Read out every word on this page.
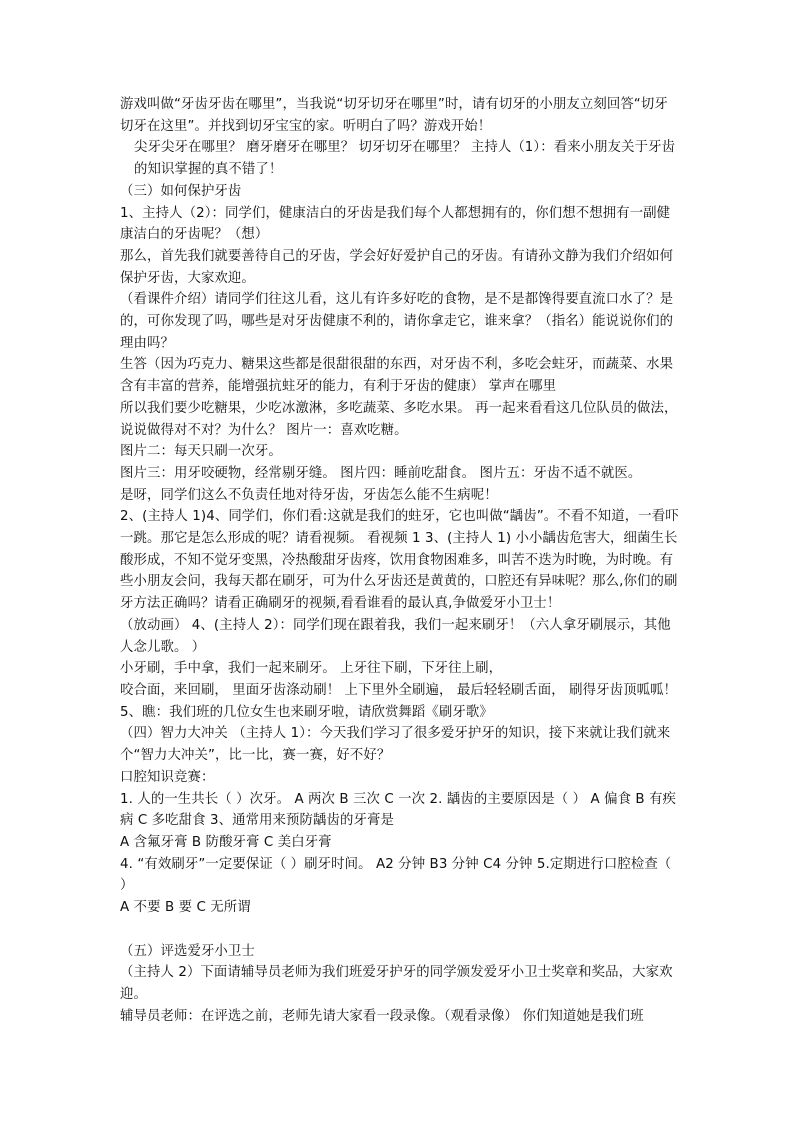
游戏叫做“牙齿牙齿在哪里”，当我说“切牙切牙在哪里”时，请有切牙的小朋友立刻回答“切牙切牙在这里”。并找到切牙宝宝的家。听明白了吗？游戏开始！

尖牙尖牙在哪里？ 磨牙磨牙在哪里？ 切牙切牙在哪里？ 主持人（1）：看来小朋友关于牙齿的知识掌握的真不错了！

（三）如何保护牙齿

1、主持人（2）：同学们，健康洁白的牙齿是我们每个人都想拥有的，你们想不想拥有一副健康洁白的牙齿呢？（想）

那么，首先我们就要善待自己的牙齿，学会好好爱护自己的牙齿。有请孙文静为我们介绍如何保护牙齿，大家欢迎。

（看课件介绍）请同学们往这儿看，这儿有许多好吃的食物，是不是都馋得要直流口水了？是的，可你发现了吗，哪些是对牙齿健康不利的，请你拿走它，谁来拿？（指名）能说说你们的理由吗？

生答（因为巧克力、糖果这些都是很甜很甜的东西，对牙齿不利，多吃会蛀牙，而蔬菜、水果含有丰富的营养，能增强抗蛀牙的能力，有利于牙齿的健康） 掌声在哪里

所以我们要少吃糖果，少吃冰激淋，多吃蔬菜、多吃水果。 再一起来看看这几位队员的做法，说说做得对不对？为什么？ 图片一：喜欢吃糖。

图片二：每天只刷一次牙。

图片三：用牙咬硬物，经常剔牙缝。 图片四：睡前吃甜食。 图片五：牙齿不适不就医。

是呀，同学们这么不负责任地对待牙齿，牙齿怎么能不生病呢！

2、(主持人 1)4、同学们，你们看:这就是我们的蛀牙，它也叫做“龋齿”。不看不知道，一看吓一跳。那它是怎么形成的呢？请看视频。 看视频 1 3、(主持人 1) 小小龋齿危害大，细菌生长酸形成，不知不觉牙变黑，冷热酸甜牙齿疼，饮用食物困难多，叫苦不迭为时晚，为时晚。有些小朋友会问，我每天都在刷牙，可为什么牙齿还是黄黄的，口腔还有异味呢？那么,你们的刷牙方法正确吗？请看正确刷牙的视频,看看谁看的最认真,争做爱牙小卫士！

（放动画） 4、(主持人 2）：同学们现在跟着我，我们一起来刷牙！（六人拿牙刷展示，其他人念儿歌。 ）

小牙刷，手中拿，我们一起来刷牙。 上牙往下刷，下牙往上刷，

咬合面，来回刷， 里面牙齿涤动刷！ 上下里外全刷遍， 最后轻轻刷舌面， 刷得牙齿顶呱呱！

5、瞧：我们班的几位女生也来刷牙啦，请欣赏舞蹈《刷牙歌》

（四）智力大冲关 （主持人 1）：今天我们学习了很多爱牙护牙的知识，接下来就让我们就来个“智力大冲关”，比一比，赛一赛，好不好？

口腔知识竞赛：

1. 人的一生共长（ ）次牙。 A 两次 B 三次 C 一次 2. 龋齿的主要原因是（ ） A 偏食 B 有疾病 C 多吃甜食 3、通常用来预防龋齿的牙膏是

A 含氟牙膏 B 防酸牙膏 C 美白牙膏

4. “有效刷牙”一定要保证（ ）刷牙时间。 A2 分钟 B3 分钟 C4 分钟 5.定期进行口腔检查（ ）

A 不要 B 要 C 无所谓

（五）评选爱牙小卫士

（主持人 2）下面请辅导员老师为我们班爱牙护牙的同学颁发爱牙小卫士奖章和奖品，大家欢迎。

辅导员老师：在评选之前，老师先请大家看一段录像。（观看录像） 你们知道她是我们班
